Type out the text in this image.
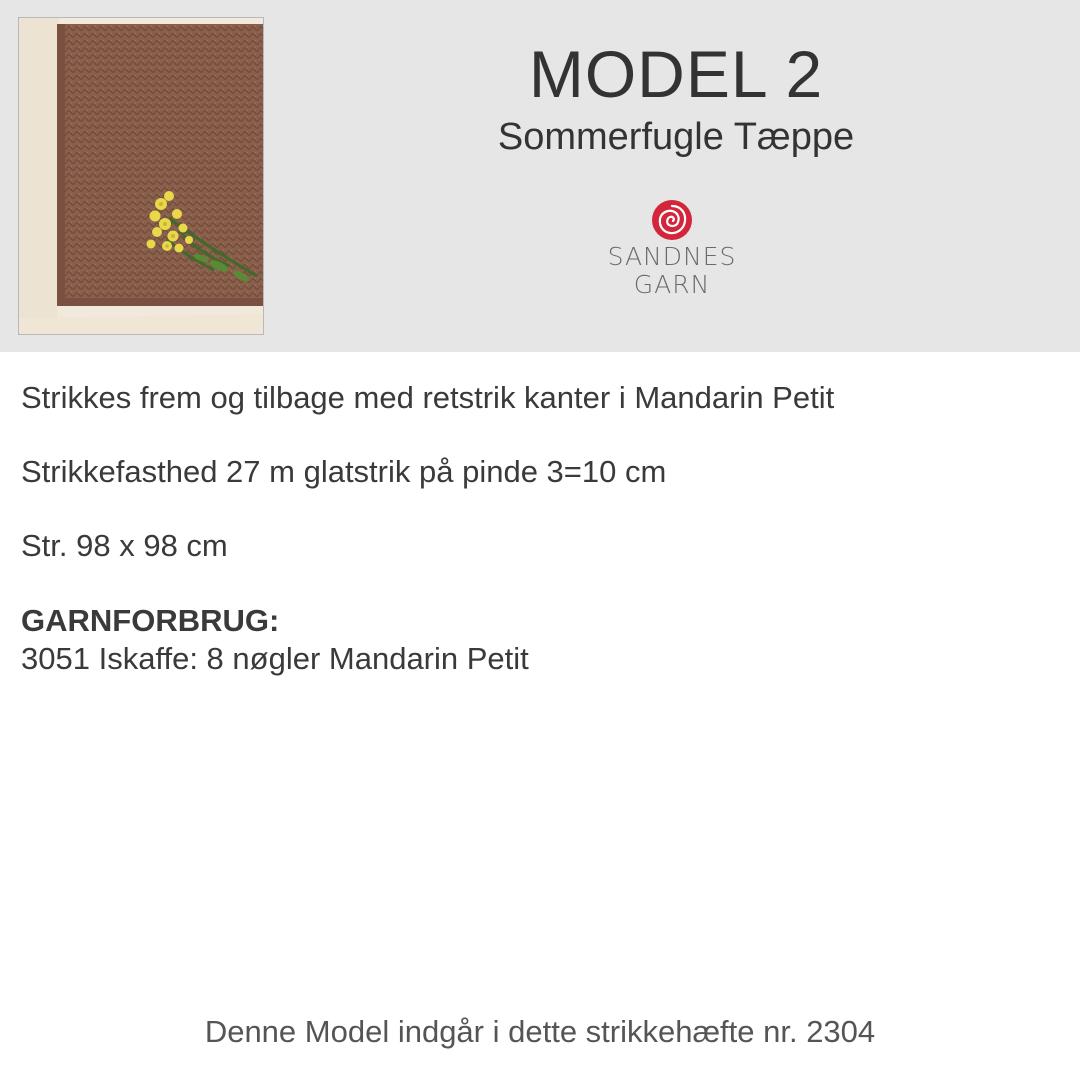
MODEL 2

Sommerfugle Tæppe

SANDNES
GARN

Strikkes frem og tilbage med retstrik kanter i Mandarin Petit

Strikkefasthed 27 m glatstrik på pinde 3=10 cm

Str. 98 x 98 cm

GARNFORBRUG:

3051 Iskaffe: 8 nøgler Mandarin Petit

Denne Model indgår i dette strikkehæfte nr. 2304
